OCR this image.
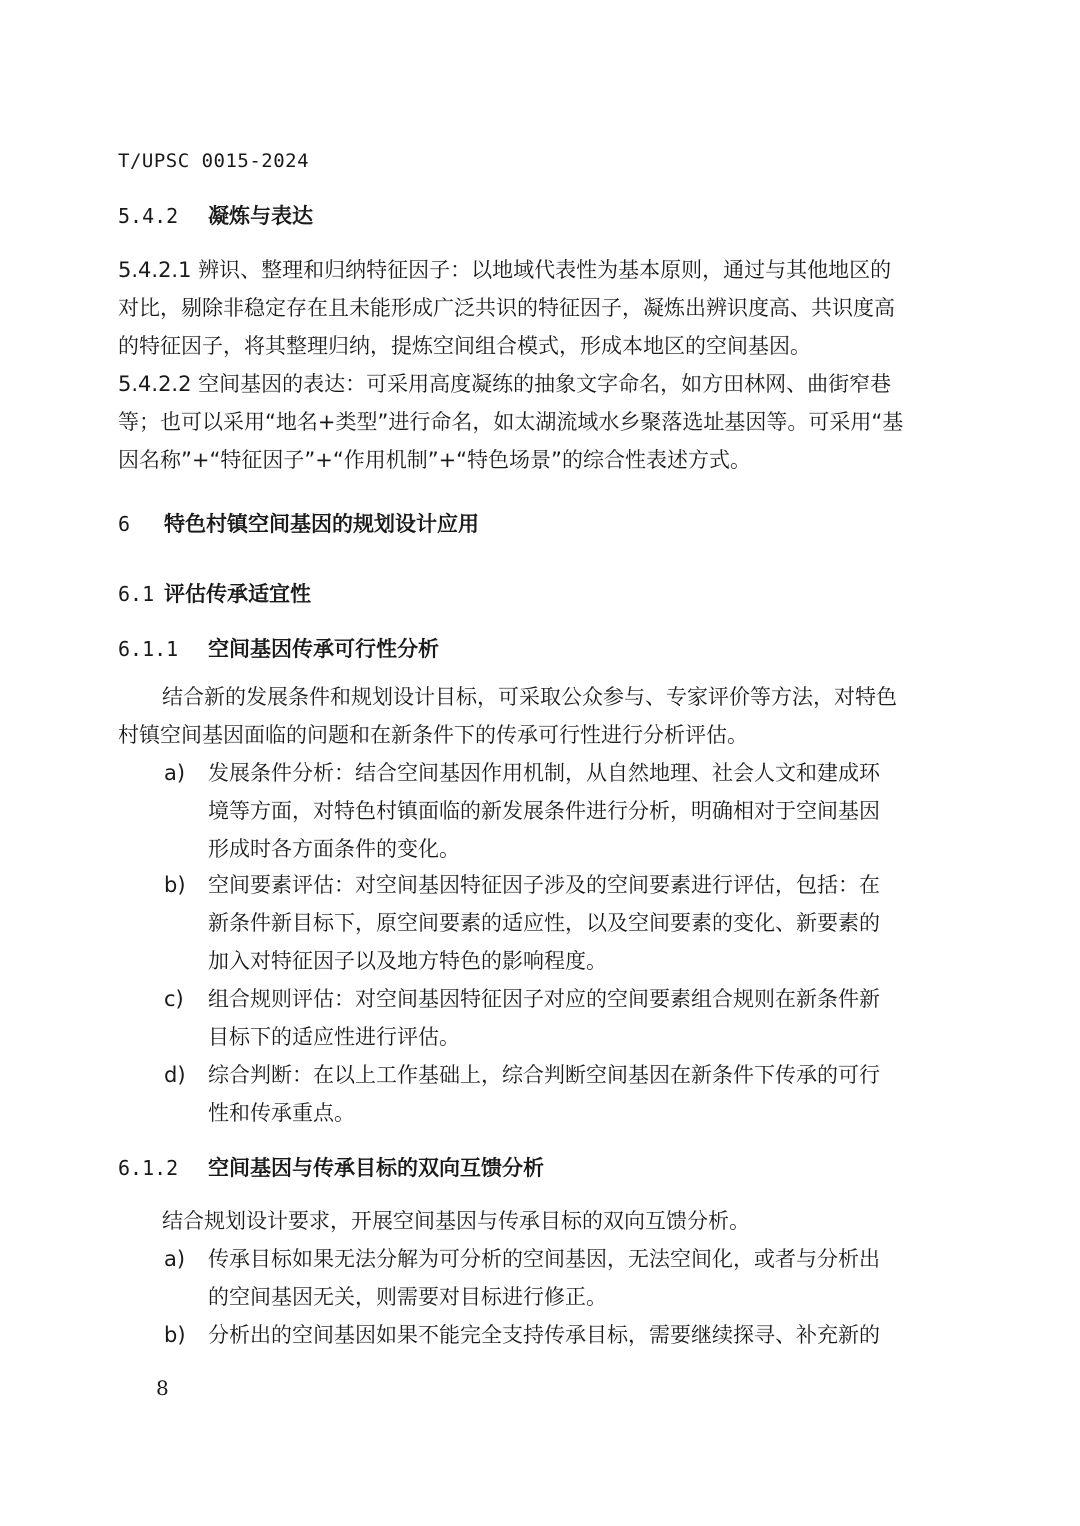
T/UPSC 0015-2024
5.4.2 凝炼与表达
5.4.2.1 辨识、整理和归纳特征因子：以地域代表性为基本原则，通过与其他地区的
对比，剔除非稳定存在且未能形成广泛共识的特征因子，凝炼出辨识度高、共识度高
的特征因子，将其整理归纳，提炼空间组合模式，形成本地区的空间基因。
5.4.2.2 空间基因的表达：可采用高度凝练的抽象文字命名，如方田林网、曲街窄巷
等；也可以采用“地名+类型”进行命名，如太湖流域水乡聚落选址基因等。可采用“基
因名称”+“特征因子”+“作用机制”+“特色场景”的综合性表述方式。
6 特色村镇空间基因的规划设计应用
6.1 评估传承适宜性
6.1.1 空间基因传承可行性分析
结合新的发展条件和规划设计目标，可采取公众参与、专家评价等方法，对特色
村镇空间基因面临的问题和在新条件下的传承可行性进行分析评估。
a)	发展条件分析：结合空间基因作用机制，从自然地理、社会人文和建成环
境等方面，对特色村镇面临的新发展条件进行分析，明确相对于空间基因
形成时各方面条件的变化。
b)	空间要素评估：对空间基因特征因子涉及的空间要素进行评估，包括：在
新条件新目标下，原空间要素的适应性，以及空间要素的变化、新要素的
加入对特征因子以及地方特色的影响程度。
c)	组合规则评估：对空间基因特征因子对应的空间要素组合规则在新条件新
目标下的适应性进行评估。
d)	综合判断：在以上工作基础上，综合判断空间基因在新条件下传承的可行
性和传承重点。
6.1.2 空间基因与传承目标的双向互馈分析
结合规划设计要求，开展空间基因与传承目标的双向互馈分析。
a)	传承目标如果无法分解为可分析的空间基因，无法空间化，或者与分析出
的空间基因无关，则需要对目标进行修正。
b)	分析出的空间基因如果不能完全支持传承目标，需要继续探寻、补充新的
8
